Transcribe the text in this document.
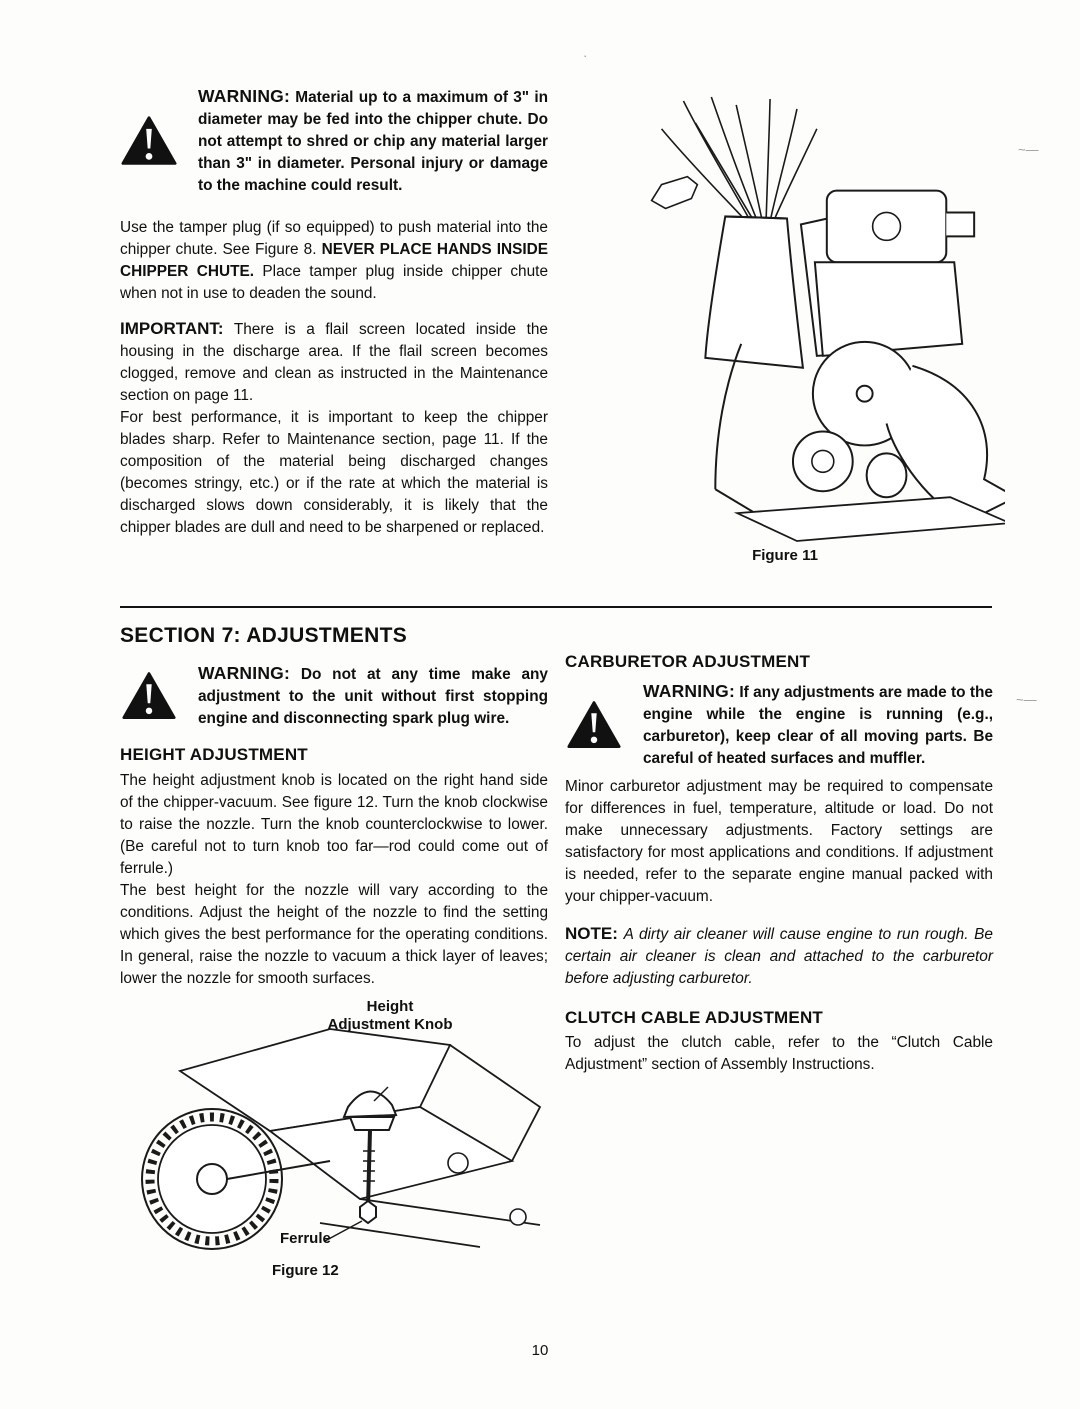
WARNING: Material up to a maximum of 3" in diameter may be fed into the chipper chute. Do not attempt to shred or chip any material larger than 3" in diameter. Personal injury or damage to the machine could result.

Use the tamper plug (if so equipped) to push material into the chipper chute. See Figure 8. NEVER PLACE HANDS INSIDE CHIPPER CHUTE. Place tamper plug inside chipper chute when not in use to deaden the sound.

IMPORTANT: There is a flail screen located inside the housing in the discharge area. If the flail screen becomes clogged, remove and clean as instructed in the Maintenance section on page 11.

For best performance, it is important to keep the chipper blades sharp. Refer to Maintenance section, page 11. If the composition of the material being discharged changes (becomes stringy, etc.) or if the rate at which the material is discharged slows down considerably, it is likely that the chipper blades are dull and need to be sharpened or replaced.

Figure 11
SECTION 7: ADJUSTMENTS

WARNING: Do not at any time make any adjustment to the unit without first stopping engine and disconnecting spark plug wire.

HEIGHT ADJUSTMENT

The height adjustment knob is located on the right hand side of the chipper-vacuum. See figure 12. Turn the knob clockwise to raise the nozzle. Turn the knob counterclockwise to lower. (Be careful not to turn knob too far—rod could come out of ferrule.)

The best height for the nozzle will vary according to the conditions. Adjust the height of the nozzle to find the setting which gives the best performance for the operating conditions. In general, raise the nozzle to vacuum a thick layer of leaves; lower the nozzle for smooth surfaces.

Height Adjustment Knob
Ferrule
Figure 12
CARBURETOR ADJUSTMENT

WARNING: If any adjustments are made to the engine while the engine is running (e.g., carburetor), keep clear of all moving parts. Be careful of heated surfaces and muffler.

Minor carburetor adjustment may be required to compensate for differences in fuel, temperature, altitude or load. Do not make unnecessary adjustments. Factory settings are satisfactory for most applications and conditions. If adjustment is needed, refer to the separate engine manual packed with your chipper-vacuum.

NOTE: A dirty air cleaner will cause engine to run rough. Be certain air cleaner is clean and attached to the carburetor before adjusting carburetor.

CLUTCH CABLE ADJUSTMENT

To adjust the clutch cable, refer to the “Clutch Cable Adjustment” section of Assembly Instructions.

10
~—
~—
·
